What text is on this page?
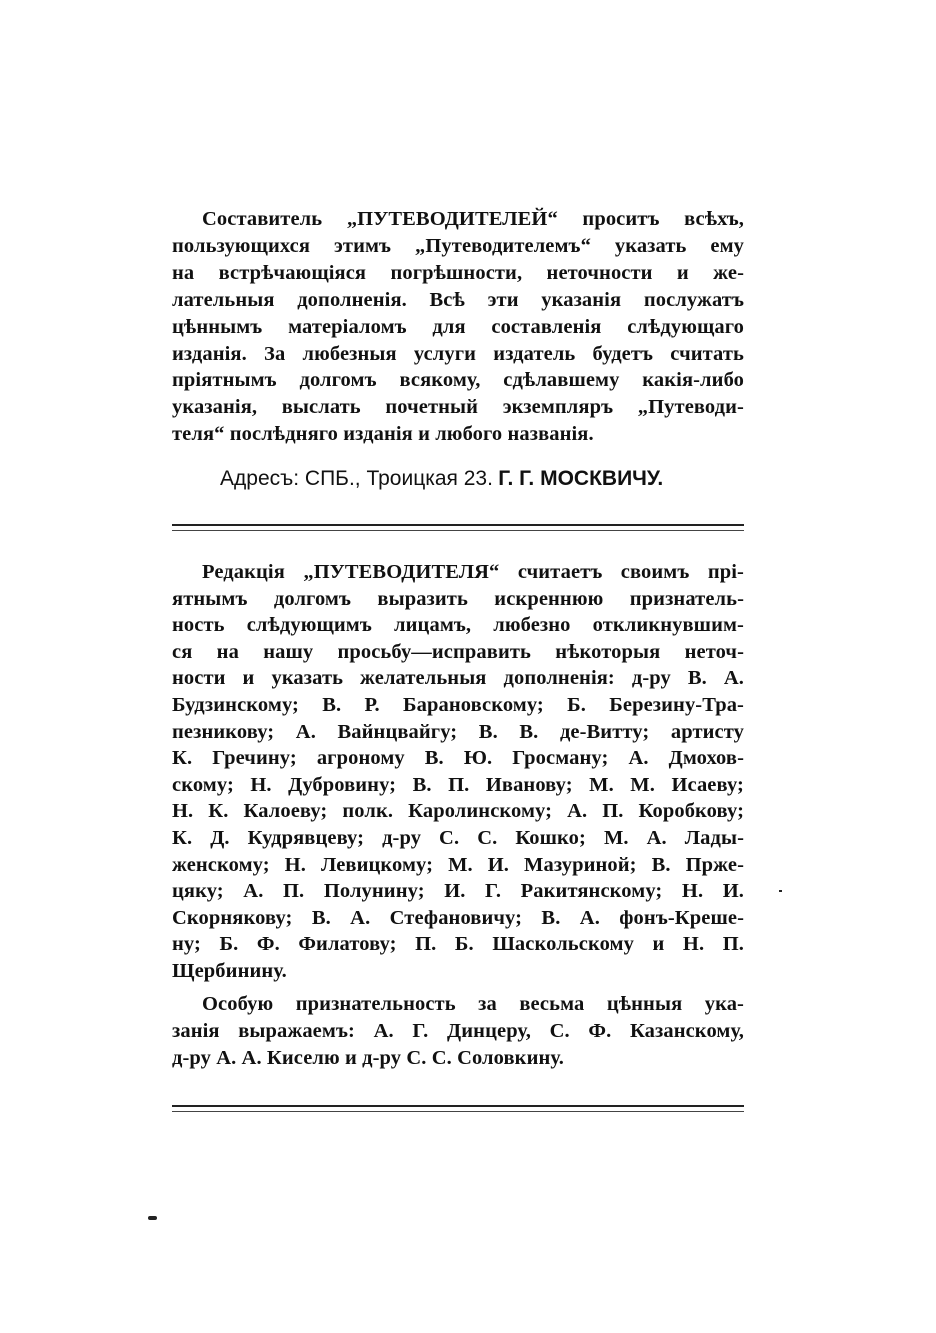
Составитель „ПУТЕВОДИТЕЛЕЙ“ проситъ всѣхъ,
пользующихся этимъ „Путеводителемъ“ указать ему
на встрѣчающіяся погрѣшности, неточности и же-
лательныя дополненія. Всѣ эти указанія послужатъ
цѣннымъ матеріаломъ для составленія слѣдующаго
изданія. За любезныя услуги издатель будетъ считать
пріятнымъ долгомъ всякому, сдѣлавшему какія-либо
указанія, выслать почетный экземпляръ „Путеводи-
теля“ послѣдняго изданія и любого названія.
Адресъ: СПБ., Троицкая 23. Г. Г. МОСКВИЧУ.
Редакція „ПУТЕВОДИТЕЛЯ“ считаетъ своимъ прі-
ятнымъ долгомъ выразить искреннюю признатель-
ность слѣдующимъ лицамъ, любезно откликнувшим-
ся на нашу просьбу—исправить нѣкоторыя неточ-
ности и указать желательныя дополненія: д-ру В. А.
Будзинскому; В. Р. Барановскому; Б. Березину-Тра-
пезникову; А. Вайнцвайгу; В. В. де-Витту; артисту
К. Гречину; агроному В. Ю. Гросману; А. Дмохов-
скому; Н. Дубровину; В. П. Иванову; М. М. Исаеву;
Н. К. Калоеву; полк. Каролинскому; А. П. Коробкову;
К. Д. Кудрявцеву; д-ру С. С. Кошко; М. А. Лады-
женскому; Н. Левицкому; М. И. Мазуриной; В. Прже-
цяку; А. П. Полунину; И. Г. Ракитянскому; Н. И.
Скорнякову; В. А. Стефановичу; В. А. фонъ-Крешe-
ну; Б. Ф. Филатову; П. Б. Шаскольскому и Н. П.
Щербинину.
Особую признательность за весьма цѣнныя ука-
занія выражаемъ: А. Г. Динцеру, С. Ф. Казанскому,
д-ру А. А. Киселю и д-ру С. С. Соловкину.
